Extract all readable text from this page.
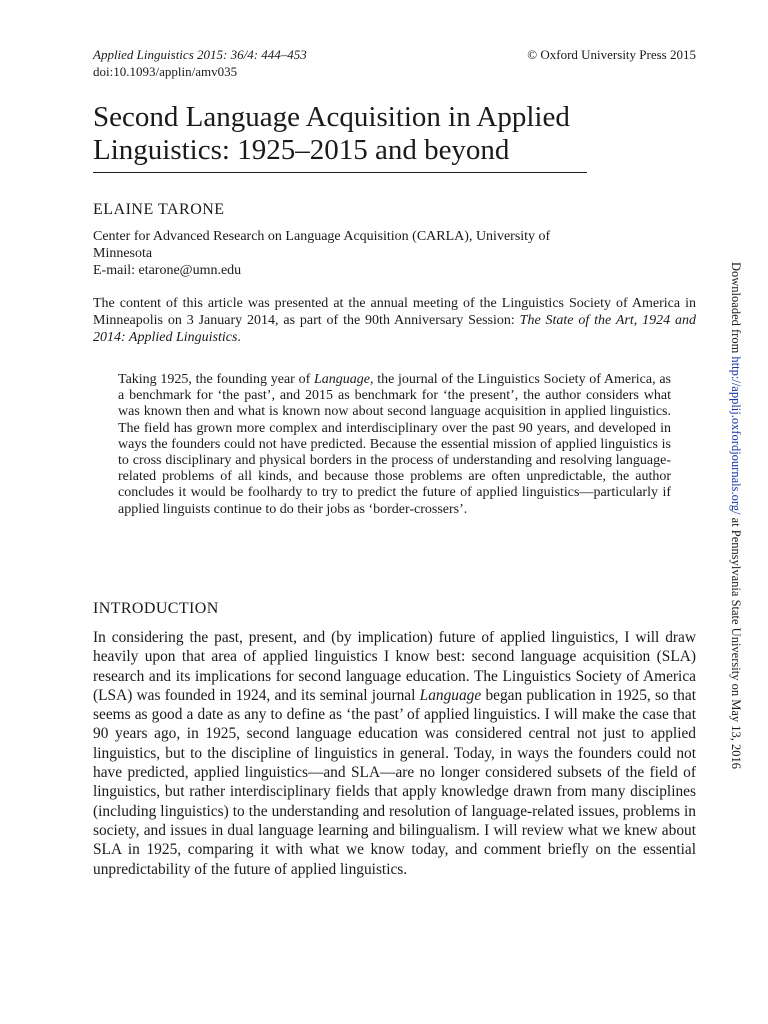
Applied Linguistics 2015: 36/4: 444–453
doi:10.1093/applin/amv035
© Oxford University Press 2015
Second Language Acquisition in Applied
Linguistics: 1925–2015 and beyond
ELAINE TARONE
Center for Advanced Research on Language Acquisition (CARLA), University of
Minnesota
E-mail: etarone@umn.edu
The content of this article was presented at the annual meeting of the Linguistics Society of America in Minneapolis on 3 January 2014, as part of the 90th Anniversary Session: The State of the Art, 1924 and 2014: Applied Linguistics.
Taking 1925, the founding year of Language, the journal of the Linguistics Society of America, as a benchmark for ‘the past’, and 2015 as benchmark for ‘the present’, the author considers what was known then and what is known now about second language acquisition in applied linguistics. The field has grown more complex and interdisciplinary over the past 90 years, and developed in ways the founders could not have predicted. Because the essential mission of applied linguistics is to cross disciplinary and physical borders in the process of understanding and resolving language-related problems of all kinds, and because those problems are often unpredictable, the author concludes it would be foolhardy to try to predict the future of applied linguistics—particularly if applied linguists continue to do their jobs as ‘border-crossers’.
INTRODUCTION
In considering the past, present, and (by implication) future of applied linguistics, I will draw heavily upon that area of applied linguistics I know best: second language acquisition (SLA) research and its implications for second language education. The Linguistics Society of America (LSA) was founded in 1924, and its seminal journal Language began publication in 1925, so that seems as good a date as any to define as ‘the past’ of applied linguistics. I will make the case that 90 years ago, in 1925, second language education was considered central not just to applied linguistics, but to the discipline of linguistics in general. Today, in ways the founders could not have predicted, applied linguistics—and SLA—are no longer considered subsets of the field of linguistics, but rather interdisciplinary fields that apply knowledge drawn from many disciplines (including linguistics) to the understanding and resolution of language-related issues, problems in society, and issues in dual language learning and bilingualism. I will review what we knew about SLA in 1925, comparing it with what we know today, and comment briefly on the essential unpredictability of the future of applied linguistics.
Downloaded from http://applij.oxfordjournals.org/ at Pennsylvania State University on May 13, 2016
